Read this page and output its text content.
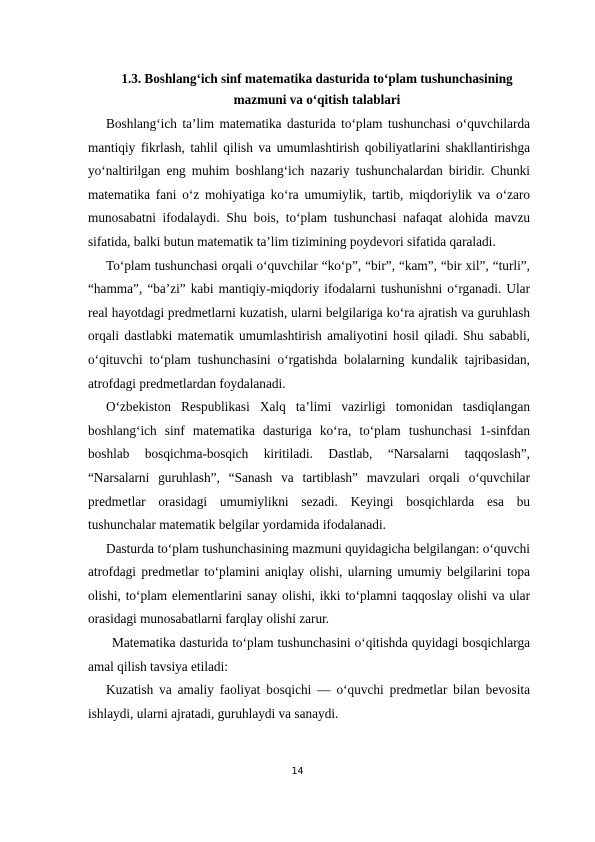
1.3. Boshlang‘ich sinf matematika dasturida to‘plam tushunchasining
mazmuni va o‘qitish talablari

Boshlang‘ich ta’lim matematika dasturida to‘plam tushunchasi o‘quvchilarda mantiqiy fikrlash, tahlil qilish va umumlashtirish qobiliyatlarini shakllantirishga yo‘naltirilgan eng muhim boshlang‘ich nazariy tushunchalardan biridir. Chunki matematika fani o‘z mohiyatiga ko‘ra umumiylik, tartib, miqdoriylik va o‘zaro munosabatni ifodalaydi. Shu bois, to‘plam tushunchasi nafaqat alohida mavzu sifatida, balki butun matematik ta’lim tizimining poydevori sifatida qaraladi.

To‘plam tushunchasi orqali o‘quvchilar “ko‘p”, “bir”, “kam”, “bir xil”, “turli”, “hamma”, “ba’zi” kabi mantiqiy-miqdoriy ifodalarni tushunishni o‘rganadi. Ular real hayotdagi predmetlarni kuzatish, ularni belgilariga ko‘ra ajratish va guruhlash orqali dastlabki matematik umumlashtirish amaliyotini hosil qiladi. Shu sababli, o‘qituvchi to‘plam tushunchasini o‘rgatishda bolalarning kundalik tajribasidan, atrofdagi predmetlardan foydalanadi.

O‘zbekiston Respublikasi Xalq ta’limi vazirligi tomonidan tasdiqlangan boshlang‘ich sinf matematika dasturiga ko‘ra, to‘plam tushunchasi 1-sinfdan boshlab bosqichma-bosqich kiritiladi. Dastlab, “Narsalarni taqqoslash”, “Narsalarni guruhlash”, “Sanash va tartiblash” mavzulari orqali o‘quvchilar predmetlar orasidagi umumiylikni sezadi. Keyingi bosqichlarda esa bu tushunchalar matematik belgilar yordamida ifodalanadi.

Dasturda to‘plam tushunchasining mazmuni quyidagicha belgilangan: o‘quvchi atrofdagi predmetlar to‘plamini aniqlay olishi, ularning umumiy belgilarini topa olishi, to‘plam elementlarini sanay olishi, ikki to‘plamni taqqoslay olishi va ular orasidagi munosabatlarni farqlay olishi zarur.

Matematika dasturida to‘plam tushunchasini o‘qitishda quyidagi bosqichlarga amal qilish tavsiya etiladi:

Kuzatish va amaliy faoliyat bosqichi — o‘quvchi predmetlar bilan bevosita ishlaydi, ularni ajratadi, guruhlaydi va sanaydi.

14
